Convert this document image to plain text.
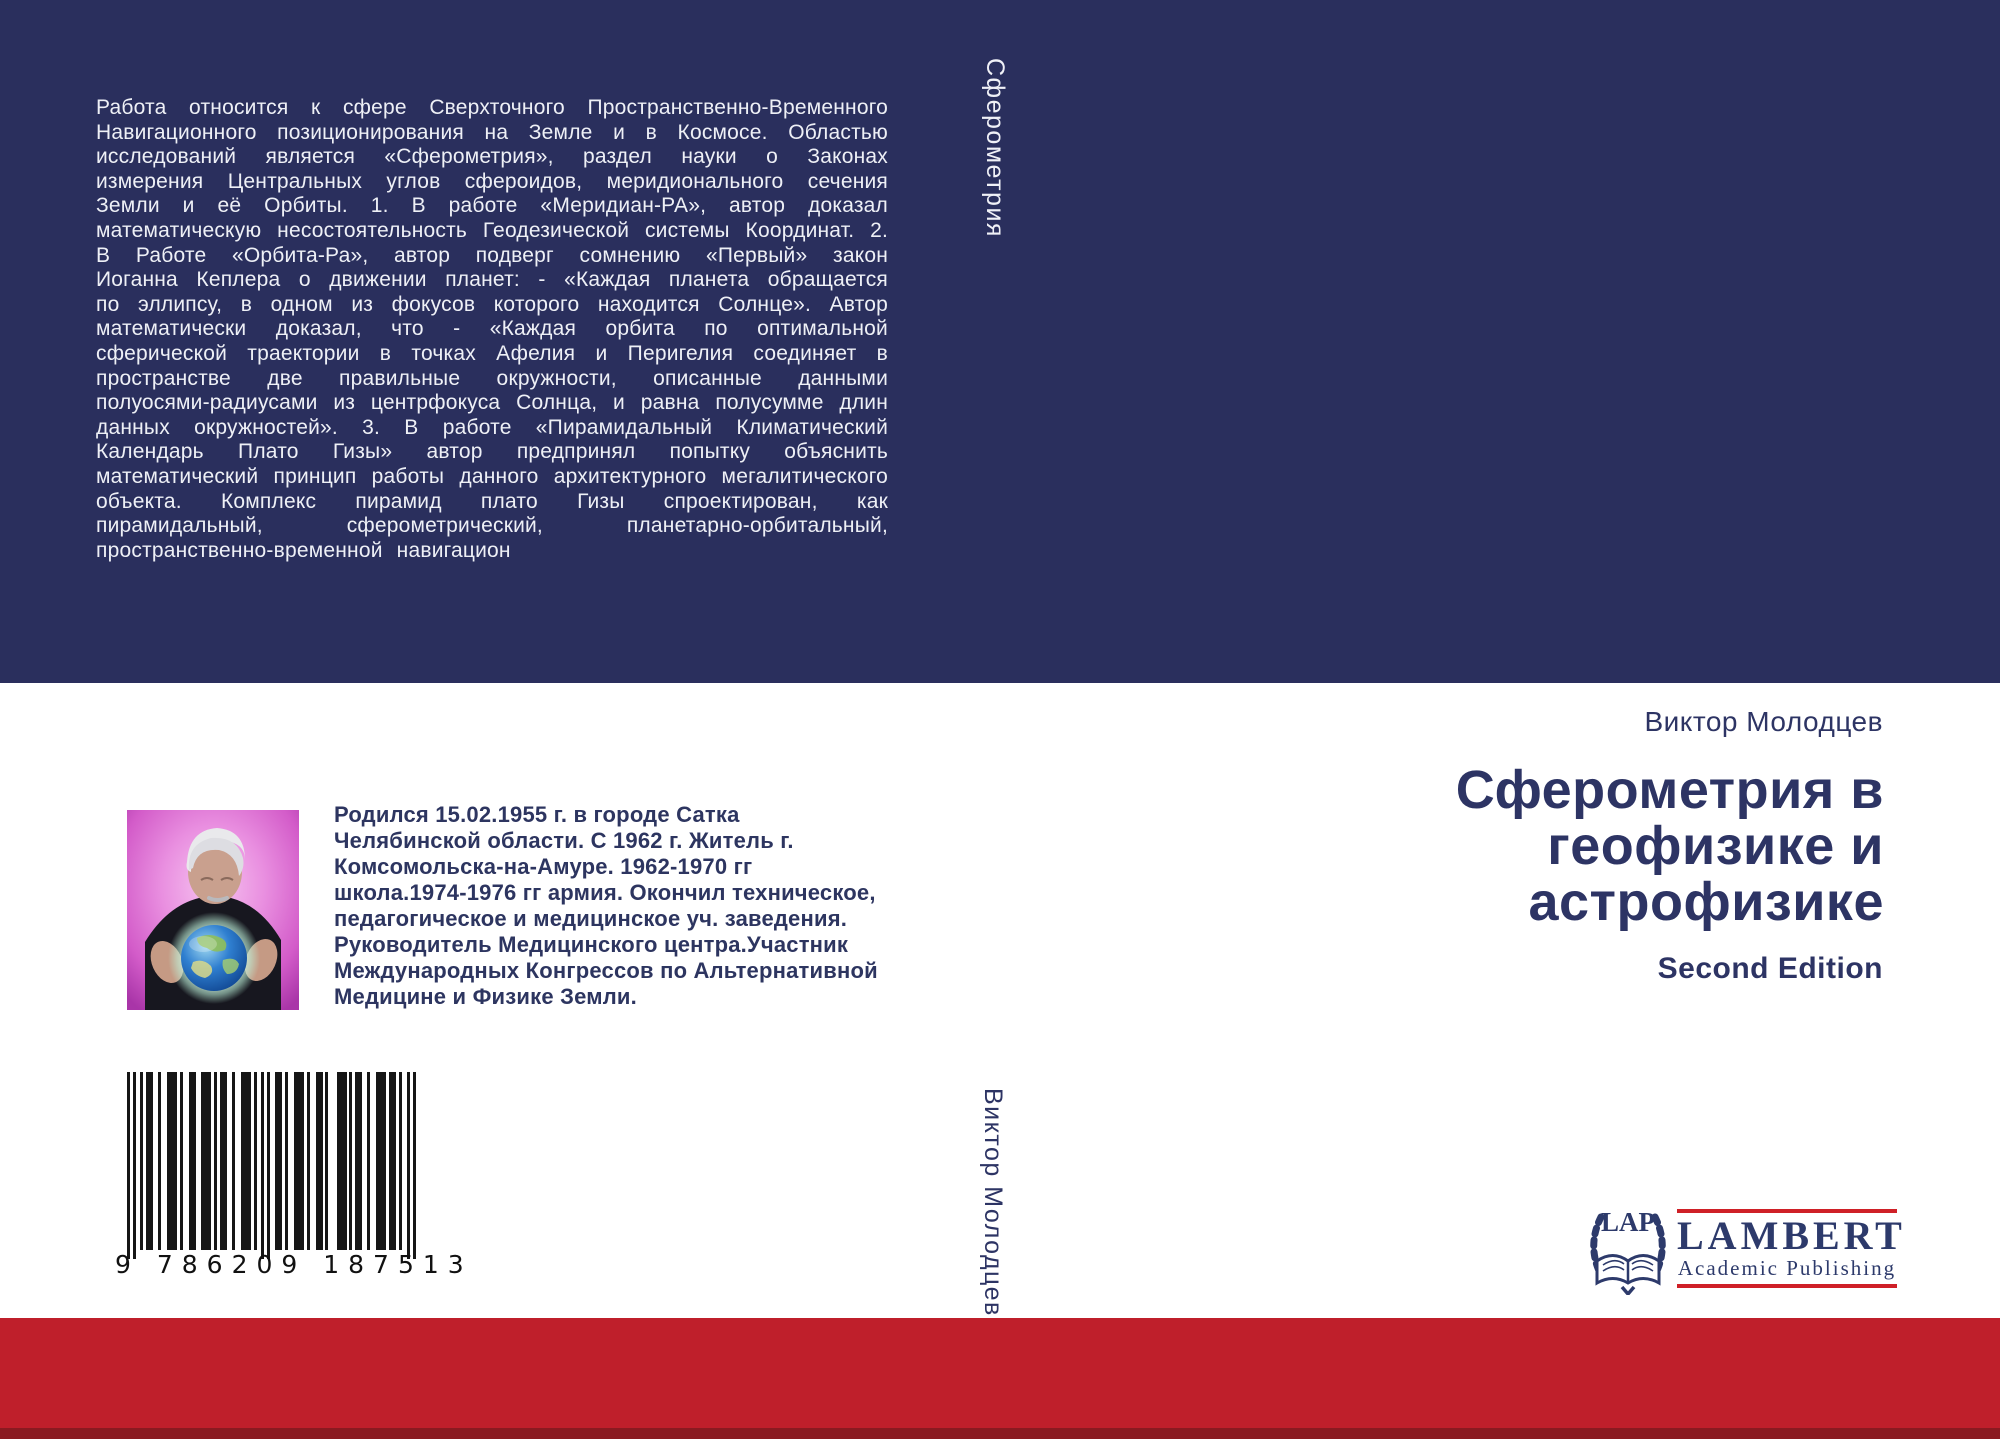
Работа относится к сфере Сверхточного Пространственно-Временного Навигационного позиционирования на Земле и в Космосе. Областью исследований является «Сферометрия», раздел науки о Законах измерения Центральных углов сфероидов, меридионального сечения Земли и её Орбиты. 1. В работе «Меридиан-РА», автор доказал математическую несостоятельность Геодезической системы Координат. 2. В Работе «Орбита-Ра», автор подверг сомнению «Первый» закон Иоганна Кеплера о движении планет: - «Каждая планета обращается по эллипсу, в одном из фокусов которого находится Солнце». Автор математически доказал, что - «Каждая орбита по оптимальной сферической траектории в точках Афелия и Перигелия соединяет в пространстве две правильные окружности, описанные данными полуосями-радиусами из центрфокуса Солнца, и равна полусумме длин данных окружностей». 3. В работе «Пирамидальный Климатический Календарь Плато Гизы» автор предпринял попытку объяснить математический принцип работы данного архитектурного мегалитического объекта. Комплекс пирамид плато Гизы спроектирован, как пирамидальный, сферометрический, планетарно-орбитальный, пространственно-временной навигацион

Сферометрия
Виктор Молодцев

Родился 15.02.1955 г. в городе Сатка Челябинской области. С 1962 г. Житель г. Комсомольска-на-Амуре. 1962-1970 гг школа.1974-1976 гг армия. Окончил техническое, педагогическое и медицинское уч. заведения. Руководитель Медицинского центра.Участник Международных Конгрессов по Альтернативной Медицине и Физике Земли.

Виктор Молодцев
Сферометрия в
геофизике и
астрофизике
Second Edition
9 786209 187513
LAP LAMBERT
Academic Publishing
